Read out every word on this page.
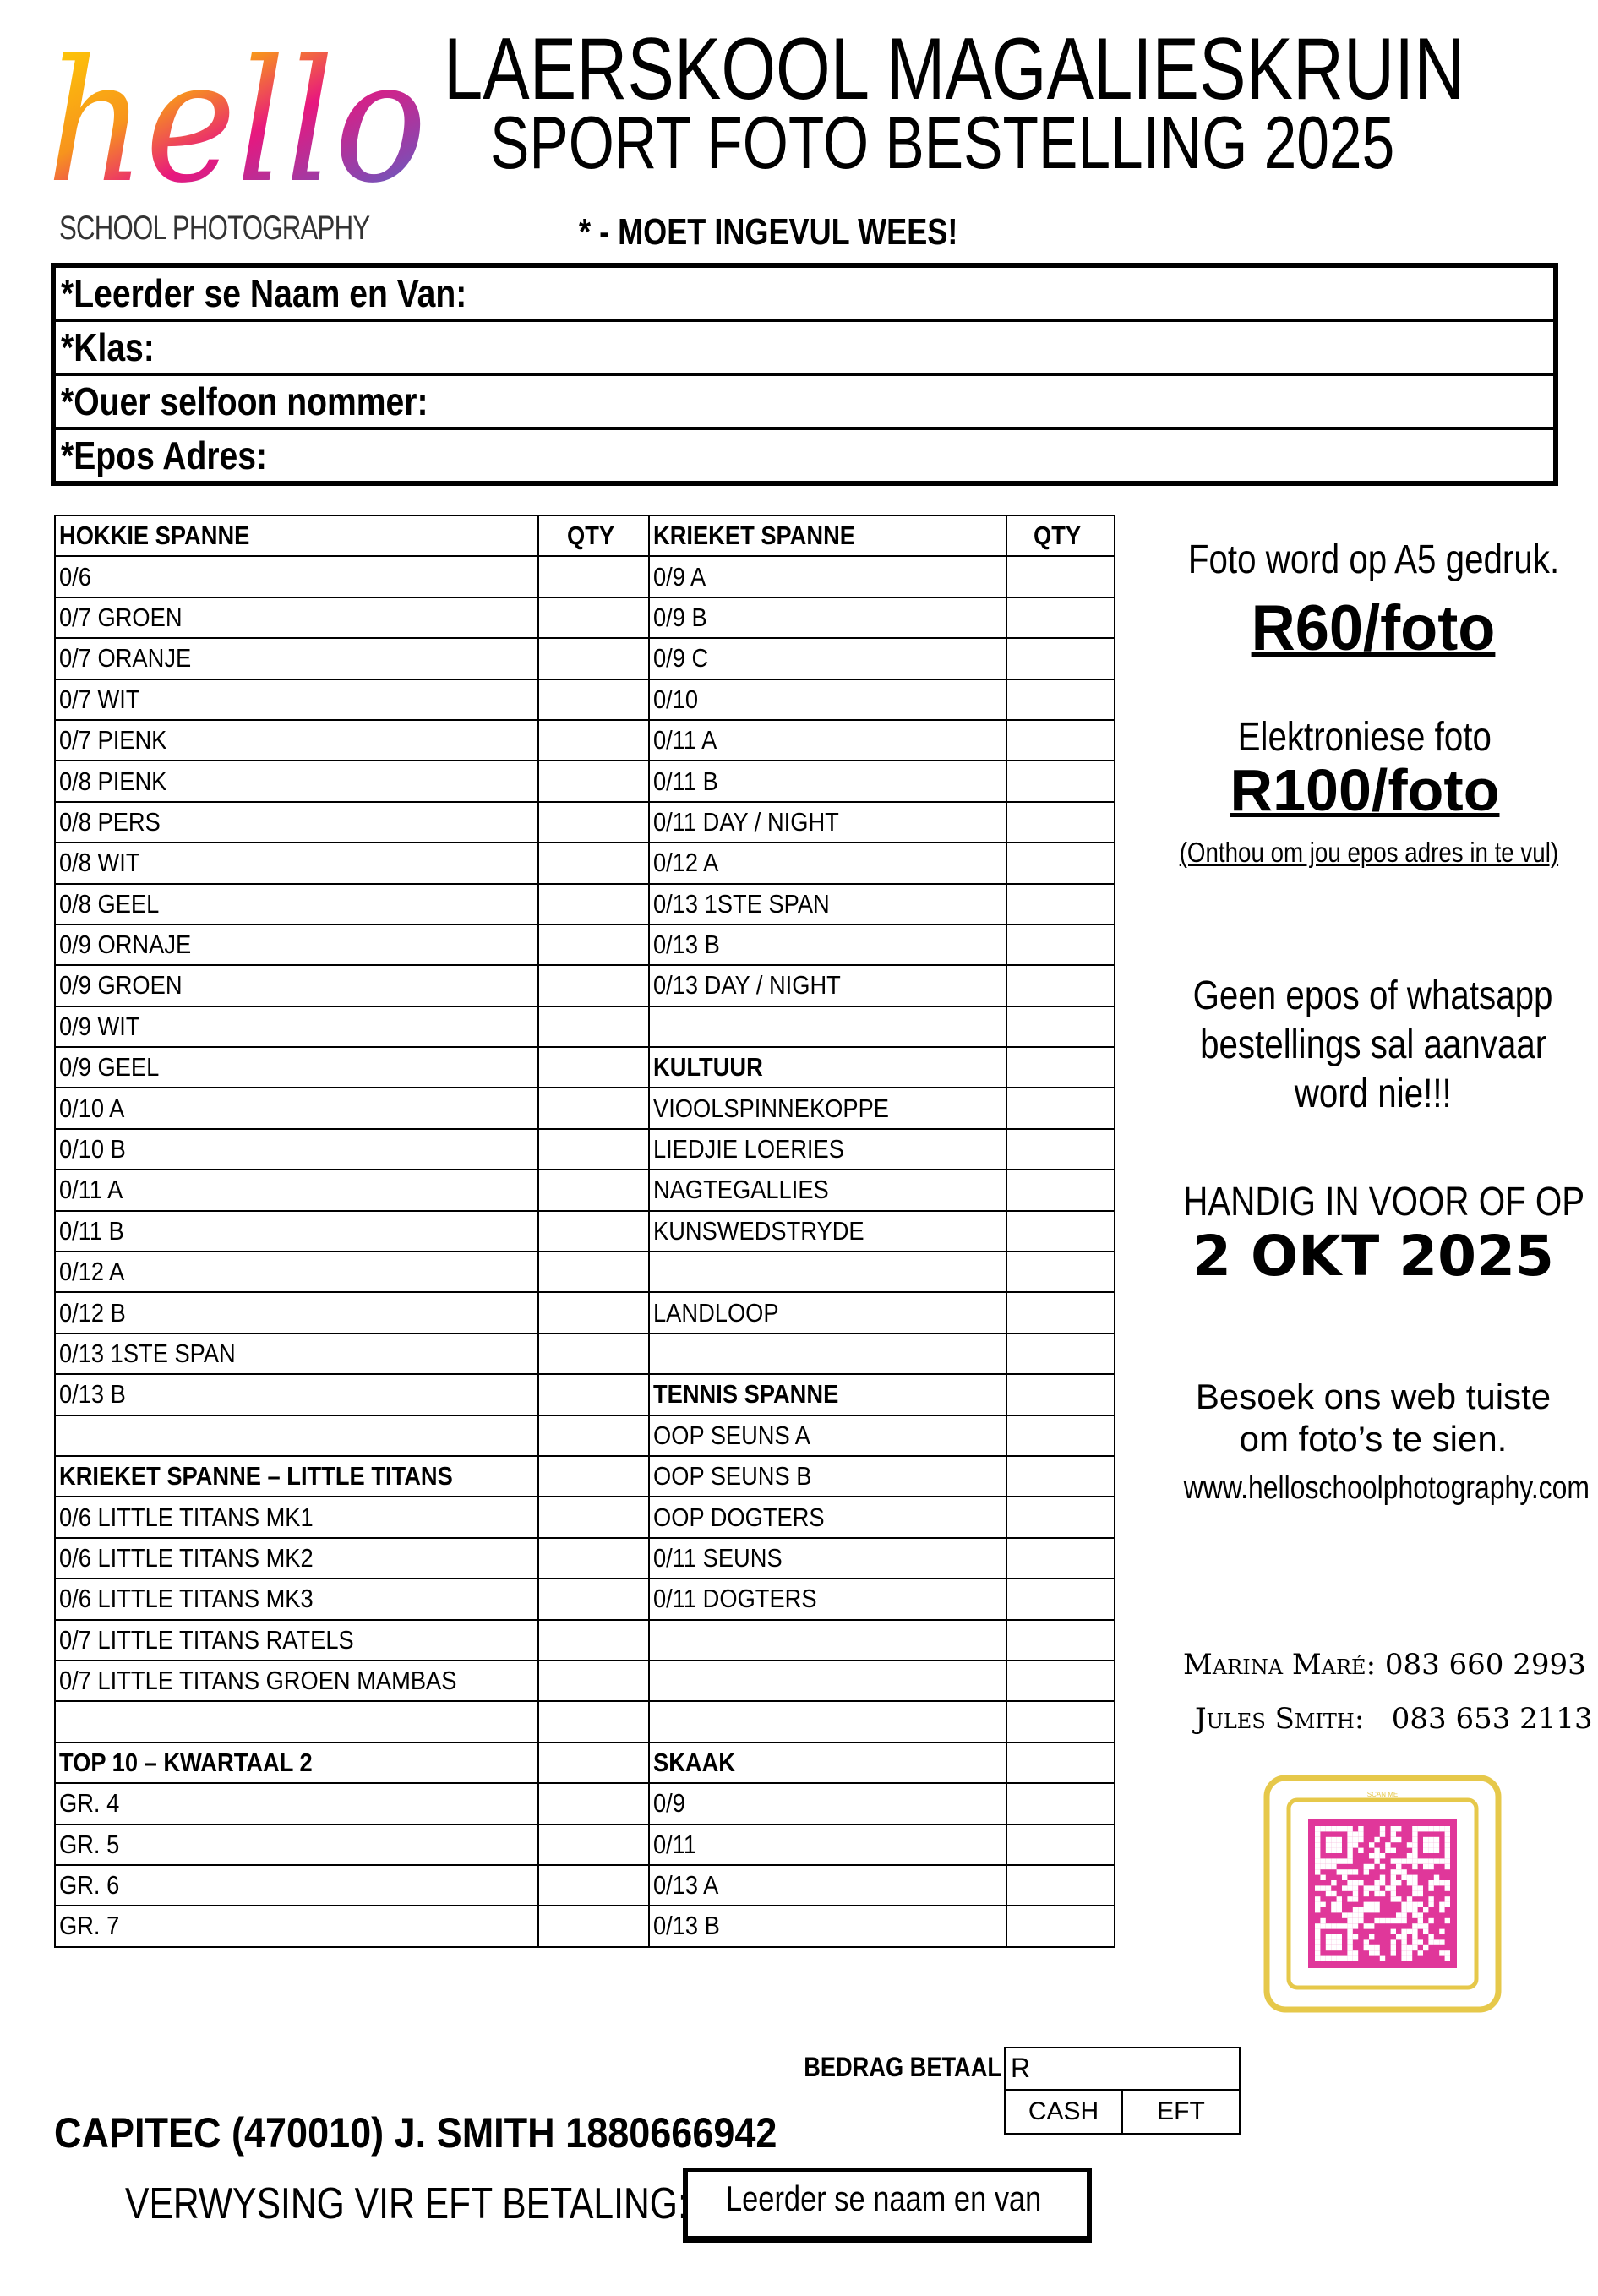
hello
SCHOOL PHOTOGRAPHY
LAERSKOOL MAGALIESKRUIN
SPORT FOTO BESTELLING 2025
* - MOET INGEVUL WEES!
*Leerder se Naam en Van:
*Klas:
*Ouer selfoon nommer:
*Epos Adres:
HOKKIE SPANNE	QTY	KRIEKET SPANNE	QTY
0/6		0/9 A	
0/7 GROEN		0/9 B	
0/7 ORANJE		0/9 C	
0/7 WIT		0/10	
0/7 PIENK		0/11 A	
0/8 PIENK		0/11 B	
0/8 PERS		0/11 DAY / NIGHT	
0/8 WIT		0/12 A	
0/8 GEEL		0/13 1STE SPAN	
0/9 ORNAJE		0/13 B	
0/9 GROEN		0/13 DAY / NIGHT	
0/9 WIT			
0/9 GEEL		KULTUUR	
0/10 A		VIOOLSPINNEKOPPE	
0/10 B		LIEDJIE LOERIES	
0/11 A		NAGTEGALLIES	
0/11 B		KUNSWEDSTRYDE	
0/12 A			
0/12 B		LANDLOOP	
0/13 1STE SPAN			
0/13 B		TENNIS SPANNE	
		OOP SEUNS A	
KRIEKET SPANNE – LITTLE TITANS		OOP SEUNS B	
0/6 LITTLE TITANS MK1		OOP DOGTERS	
0/6 LITTLE TITANS MK2		0/11 SEUNS	
0/6 LITTLE TITANS MK3		0/11 DOGTERS	
0/7 LITTLE TITANS RATELS			
0/7 LITTLE TITANS GROEN MAMBAS			

TOP 10 – KWARTAAL 2		SKAAK	
GR. 4		0/9	
GR. 5		0/11	
GR. 6		0/13 A	
GR. 7		0/13 B	
Foto word op A5 gedruk.
R60/foto
Elektroniese foto
R100/foto
(Onthou om jou epos adres in te vul)
Geen epos of whatsapp
bestellings sal aanvaar
word nie!!!
HANDIG IN VOOR OF OP
2 OKT 2025
Besoek ons web tuiste
om foto’s te sien.
www.helloschoolphotography.com
Marina Maré: 083 660 2993
Jules Smith: 083 653 2113
SCAN ME
BEDRAG BETAAL R
CASH	EFT
CAPITEC (470010) J. SMITH 1880666942
VERWYSING VIR EFT BETALING: Leerder se naam en van
